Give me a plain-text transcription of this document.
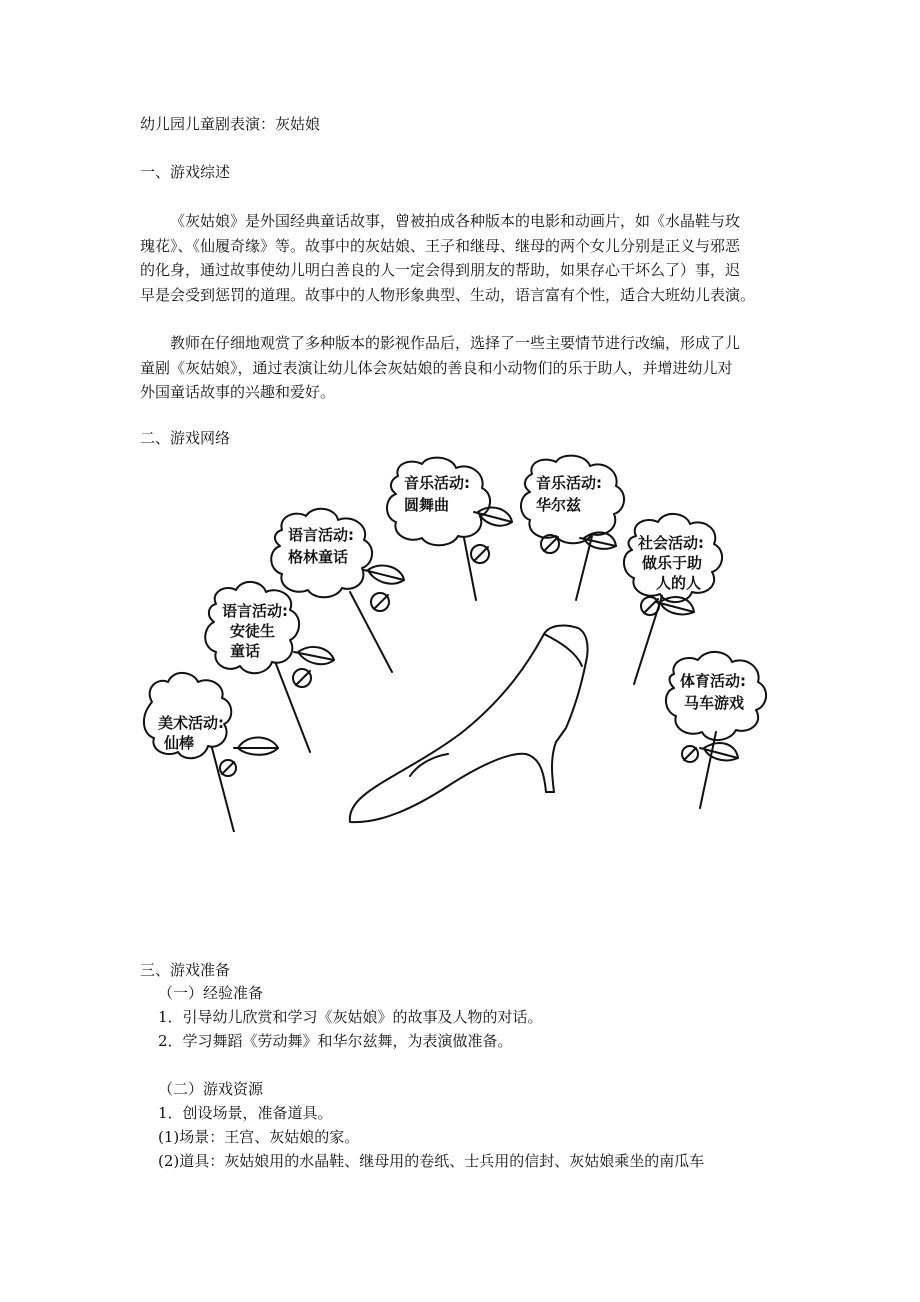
幼儿园儿童剧表演：灰姑娘

一、游戏综述

《灰姑娘》是外国经典童话故事，曾被拍成各种版本的电影和动画片，如《水晶鞋与玫
瑰花》、《仙履奇缘》等。故事中的灰姑娘、王子和继母、继母的两个女儿分别是正义与邪恶
的化身，通过故事使幼儿明白善良的人一定会得到朋友的帮助，如果存心干坏么了）事，迟
早是会受到惩罚的道理。故事中的人物形象典型、生动，语言富有个性，适合大班幼儿表演。
教师在仔细地观赏了多种版本的影视作品后，选择了一些主要情节进行改编，形成了儿
童剧《灰姑娘》，通过表演让幼儿体会灰姑娘的善良和小动物们的乐于助人，并增进幼儿对
外国童话故事的兴趣和爱好。

二、游戏网络

美术活动:
仙棒
语言活动:
安徒生
童话
语言活动:
格林童话
音乐活动:
圆舞曲
音乐活动:
华尔兹
社会活动:
做乐于助
人的人
体育活动:
马车游戏

三、游戏准备

（一）经验准备

1．引导幼儿欣赏和学习《灰姑娘》的故事及人物的对话。

2．学习舞蹈《劳动舞》和华尔兹舞，为表演做准备。

（二）游戏资源

1．创设场景，准备道具。

(1)场景：王宫、灰姑娘的家。

(2)道具：灰姑娘用的水晶鞋、继母用的卷纸、士兵用的信封、灰姑娘乘坐的南瓜车
